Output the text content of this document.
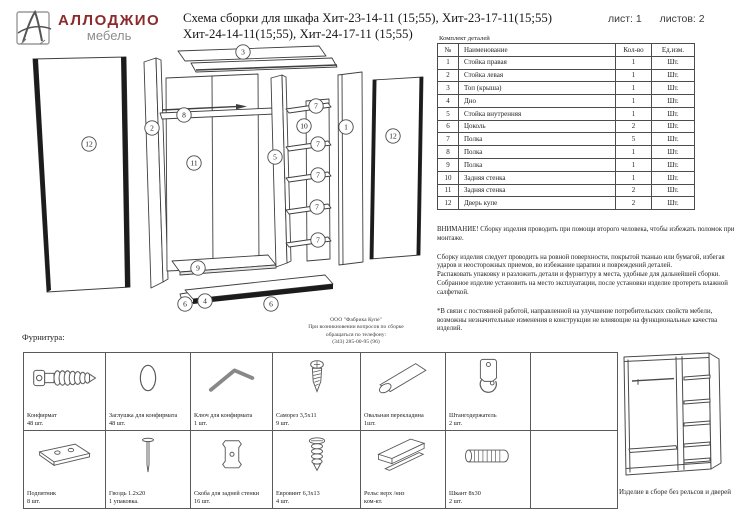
АЛЛОДЖИО
мебель
Схема сборки для шкафа Хит-23-14-11 (15;55), Хит-23-17-11(15;55)
Хит-24-14-11(15;55), Хит-24-17-11 (15;55)
лист: 1 листов: 2
3
12
2
8
11
5
10
7
7
7
7
7
1
12
9
6 4	6
ООО "Фабрика Купе"
При возникновении вопросов по сборке
обращаться по телефону:
(343) 285-00-95 (96)
Комплект деталей
№	Наименование	Кол-во	Ед.изм.
1	Стойка правая	1	Шт.
2	Стойка левая	1	Шт.
3	Топ (крыша)	1	Шт.
4	Дно	1	Шт.
5	Стойка внутренняя	1	Шт.
6	Цоколь	2	Шт.
7	Полка	5	Шт.
8	Полка	1	Шт.
9	Полка	1	Шт.
10	Задняя стенка	1	Шт.
11	Задняя стенка	2	Шт.
12	Дверь купе	2	Шт.
ВНИМАНИЕ! Сборку изделия проводить при помощи второго человека, чтобы избежать поломок при монтаже.
Сборку изделия следует проводить на ровной поверхности, покрытой тканью или бумагой, избегая ударов и неосторожных приемов, во избежание царапин и повреждений деталей.
Распаковать упаковку и разложить детали и фурнитуру в места, удобные для дальнейшей сборки.
Собранное изделие установить на место эксплуатации, после установки изделие протереть влажной салфеткой.
*В связи с постоянной работой, направленной на улучшение потребительских свойств мебели, возможны незначительные изменения в конструкции не влияющие на функциональные качества изделий.
Фурнитура:
Конфирмат
48 шт.
Заглушка для конфирмата
48 шт.
Ключ для конфирмата
1 шт.
Саморез 3,5х11
9 шт.
Овальная перекладина
1шт.
Штангодержатель
2 шт.
Подпятник
8 шт.
Гвоздь 1.2х20
1 упаковка.
Скоба для задней стенки
16 шт.
Евровинт 6,3х13
4 шт.
Рельс верх /низ
ком-кт.
Шкант 8х30
2 шт.
Изделие в сборе без рельсов и дверей
